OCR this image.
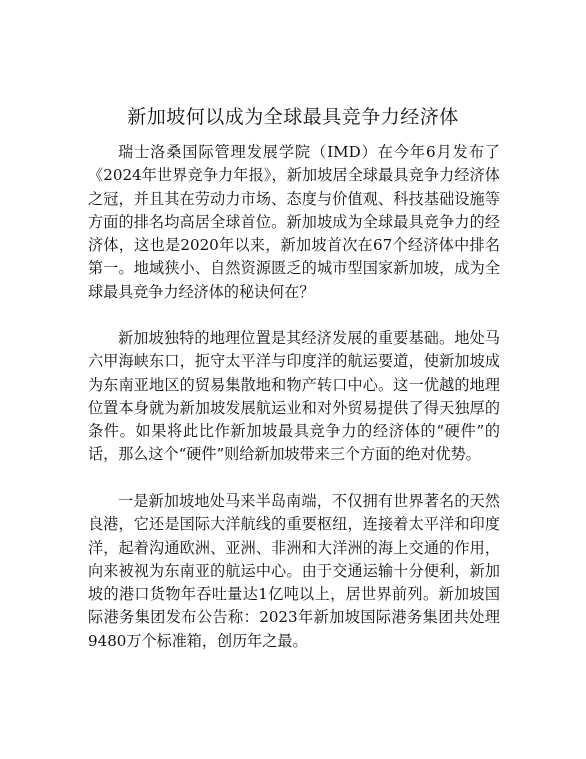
新加坡何以成为全球最具竞争力经济体

瑞士洛桑国际管理发展学院（IMD）在今年6月发布了《2024年世界竞争力年报》，新加坡居全球最具竞争力经济体之冠，并且其在劳动力市场、态度与价值观、科技基础设施等方面的排名均高居全球首位。新加坡成为全球最具竞争力的经济体，这也是2020年以来，新加坡首次在67个经济体中排名第一。地域狭小、自然资源匮乏的城市型国家新加坡，成为全球最具竞争力经济体的秘诀何在？

新加坡独特的地理位置是其经济发展的重要基础。地处马六甲海峡东口，扼守太平洋与印度洋的航运要道，使新加坡成为东南亚地区的贸易集散地和物产转口中心。这一优越的地理位置本身就为新加坡发展航运业和对外贸易提供了得天独厚的条件。如果将此比作新加坡最具竞争力的经济体的“硬件”的话，那么这个“硬件”则给新加坡带来三个方面的绝对优势。

一是新加坡地处马来半岛南端，不仅拥有世界著名的天然良港，它还是国际大洋航线的重要枢纽，连接着太平洋和印度洋，起着沟通欧洲、亚洲、非洲和大洋洲的海上交通的作用，向来被视为东南亚的航运中心。由于交通运输十分便利，新加坡的港口货物年吞吐量达1亿吨以上，居世界前列。新加坡国际港务集团发布公告称：2023年新加坡国际港务集团共处理9480万个标准箱，创历年之最。
